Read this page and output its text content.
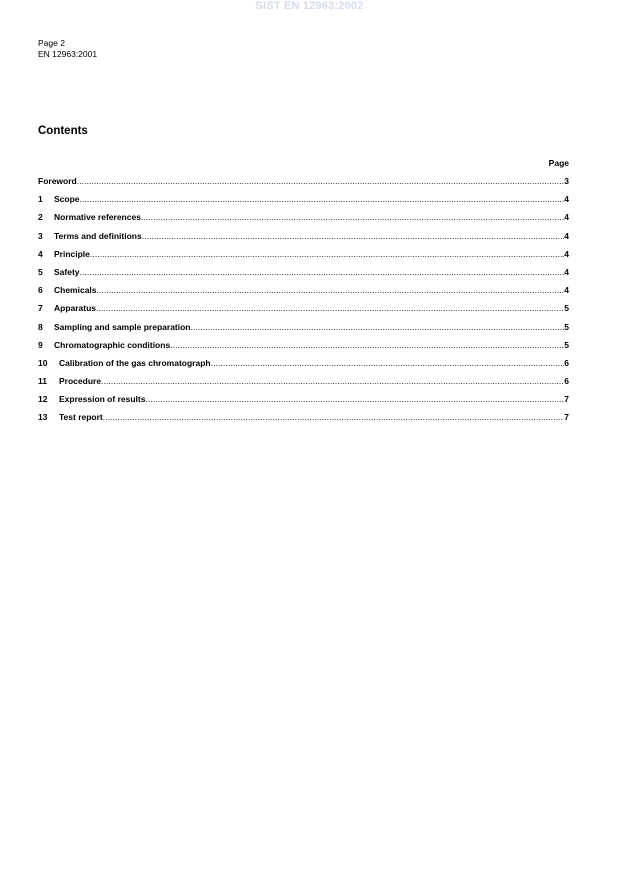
SIST EN 12963:2002
Page 2
EN 12963:2001
Contents
Page
Foreword .....	3
1	Scope .....	4
2	Normative references .....	4
3	Terms and definitions .....	4
4	Principle .....	4
5	Safety .....	4
6	Chemicals .....	4
7	Apparatus .....	5
8	Sampling and sample preparation .....	5
9	Chromatographic conditions .....	5
10	Calibration of the gas chromatograph .....	6
11	Procedure .....	6
12	Expression of results .....	7
13	Test report .....	7
